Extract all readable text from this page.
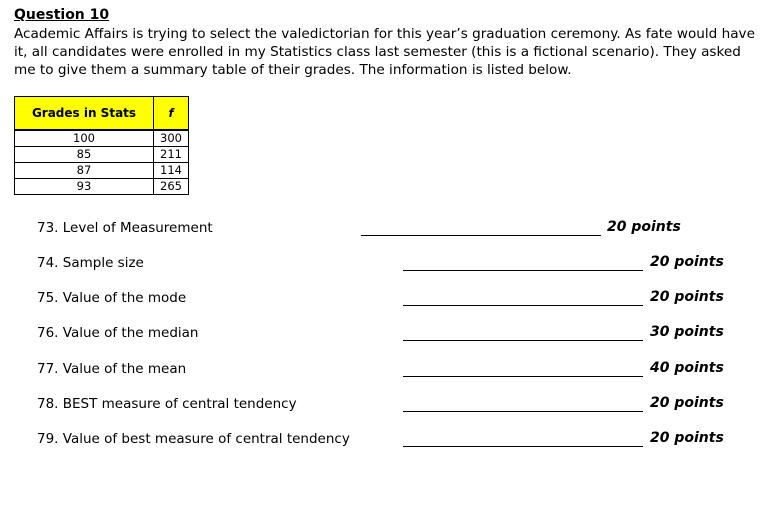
Question 10
Academic Affairs is trying to select the valedictorian for this year’s graduation ceremony. As fate would have it, all candidates were enrolled in my Statistics class last semester (this is a fictional scenario). They asked me to give them a summary table of their grades. The information is listed below.
Grades in Stats	f

100	300
85	211
87	114
93	265
73. Level of Measurement	20 points
74. Sample size	20 points
75. Value of the mode	20 points
76. Value of the median	30 points
77. Value of the mean	40 points
78. BEST measure of central tendency	20 points
79. Value of best measure of central tendency	20 points
